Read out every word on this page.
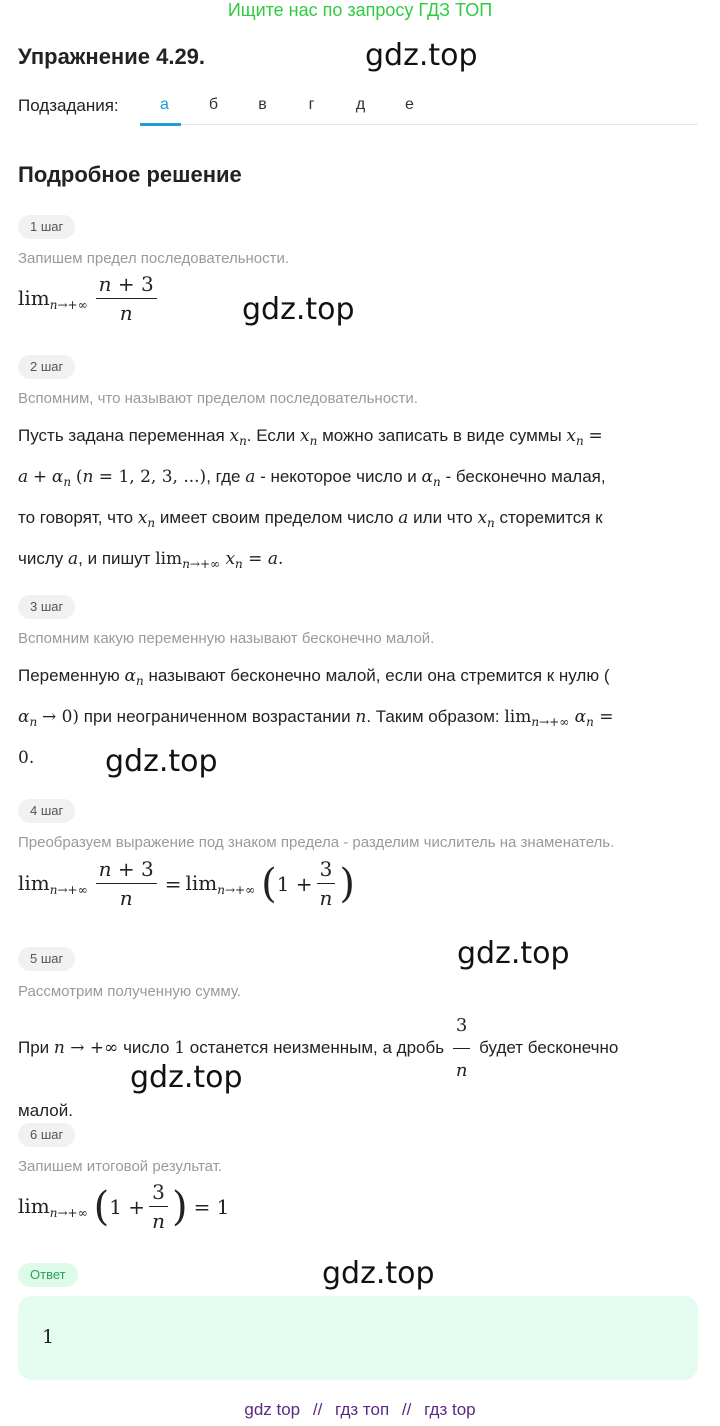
Ищите нас по запросу ГДЗ ТОП
Упражнение 4.29.	gdz.top
Подзадания:	а	б	в	г	д	е
Подробное решение
1 шаг
Запишем предел последовательности.
$\lim_{n\to+\infty} \frac{n + 3}{n}$	gdz.top
2 шаг
Вспомним, что называют пределом последовательности.
Пусть задана переменная $x_n$. Если $x_n$ можно записать в виде суммы $x_n$ =
$a + \alpha_n$ (n = 1, 2, 3, ...), где a - некоторое число и $\alpha_n$ - бесконечно малая,
то говорят, что $x_n$ имеет своим пределом число a или что $x_n$ сторемится к
числу a, и пишут $\lim_{n\to+\infty} x_n = a$.
3 шаг
Вспомним какую переменную называют бесконечно малой.
Переменную $\alpha_n$ называют бесконечно малой, если она стремится к нулю (
$\alpha_n \to 0$) при неограниченном возрастании n. Таким образом: $\lim_{n\to+\infty} \alpha_n$ =
0.	gdz.top
4 шаг
Преобразуем выражение под знаком предела - разделим числитель на знаменатель.
$\lim_{n\to+\infty} \frac{n + 3}{n} = \lim_{n\to+\infty}$ ( $1 + \frac{3}{n}$ )
5 шаг	gdz.top
Рассмотрим полученную сумму.
При n → +∞ число 1 останется неизменным, а дробь $\frac{3}{n}$ будет бесконечно
малой.
gdz.top
6 шаг
Запишем итоговой результат.
$\lim_{n\to+\infty}$ ( $1 + \frac{3}{n}$ ) = 1
Ответ	gdz.top
1
gdz top // гдз топ // гдз top
